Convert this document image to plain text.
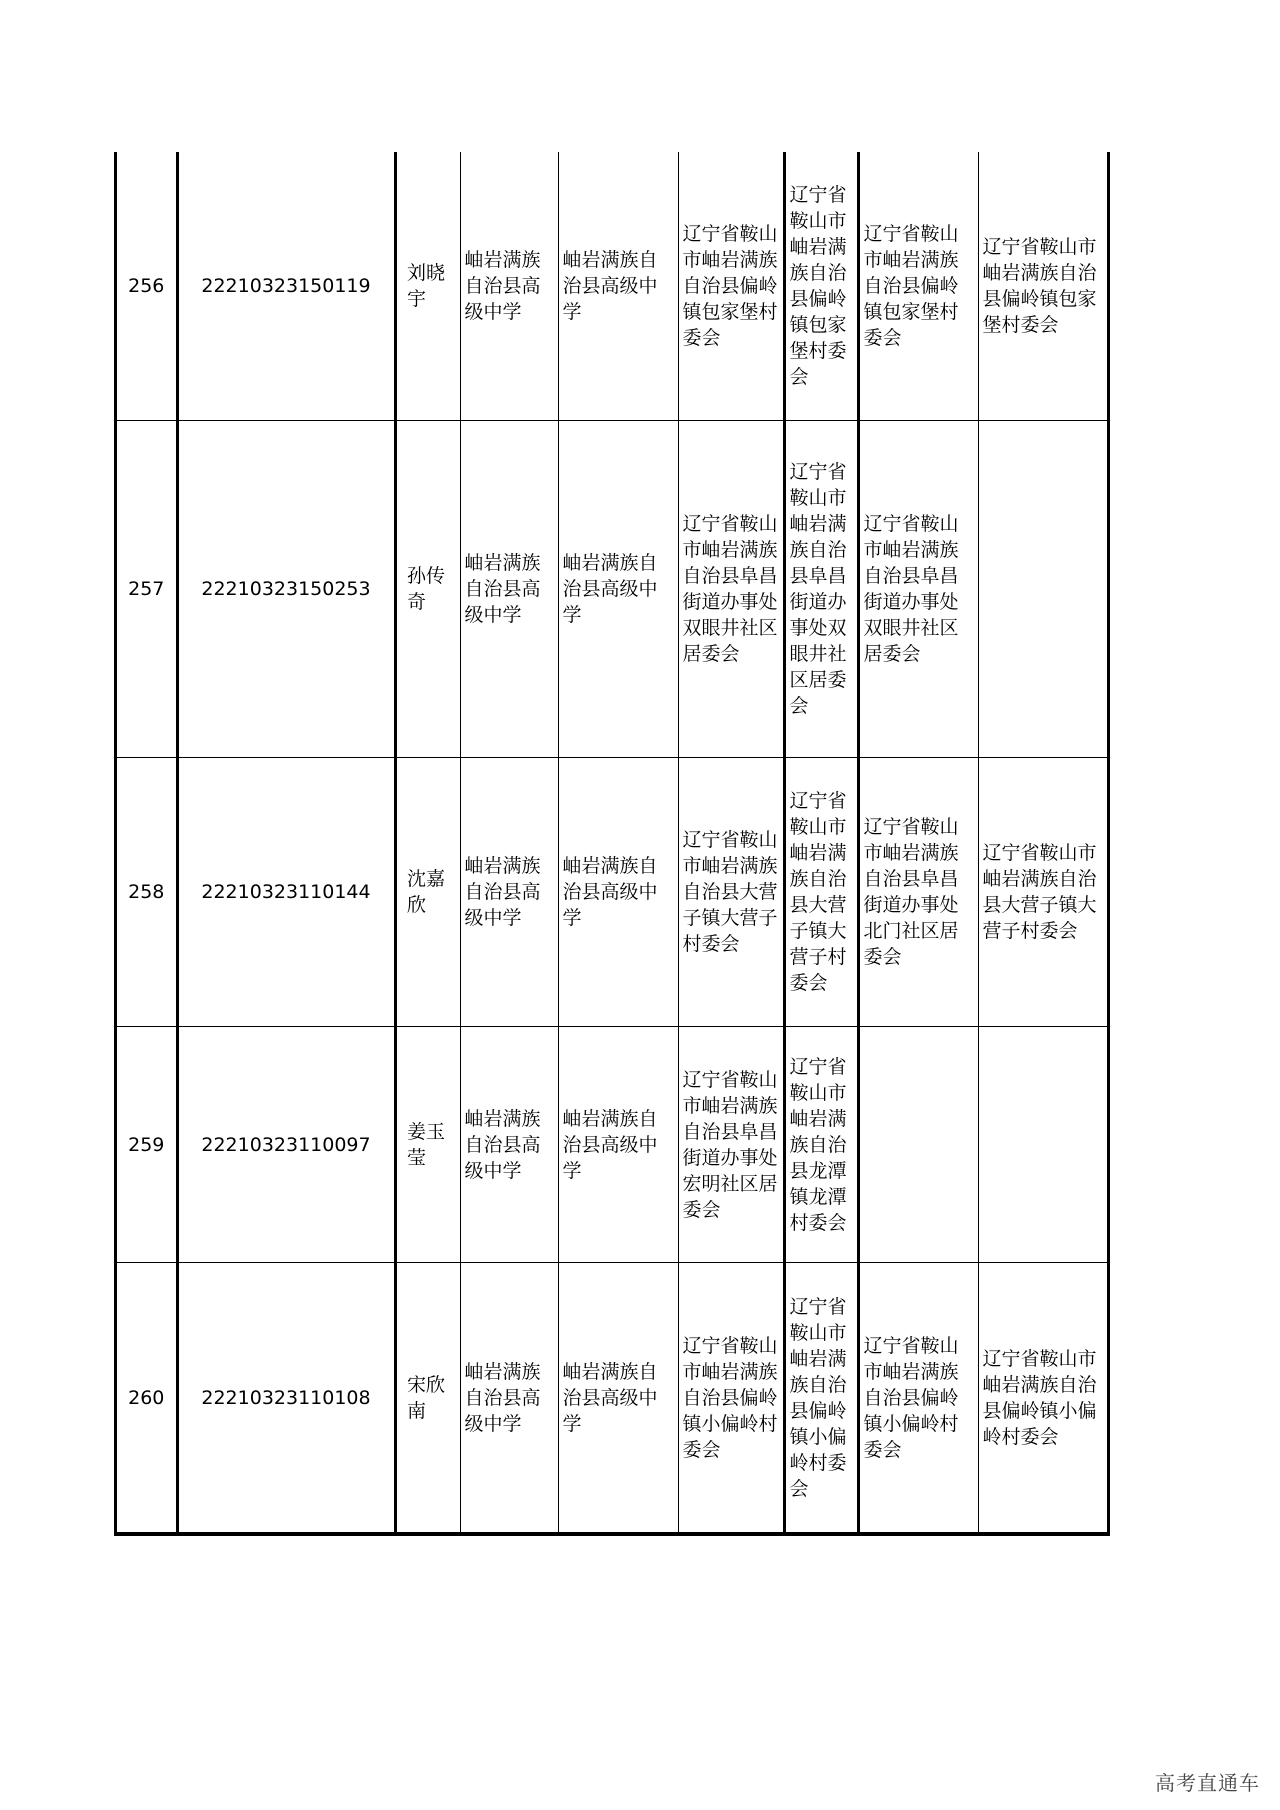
256	22210323150119	刘晓宇	岫岩满族自治县高级中学	岫岩满族自治县高级中学	辽宁省鞍山市岫岩满族自治县偏岭镇包家堡村委会	辽宁省鞍山市岫岩满族自治县偏岭镇包家堡村委会	辽宁省鞍山市岫岩满族自治县偏岭镇包家堡村委会	辽宁省鞍山市岫岩满族自治县偏岭镇包家堡村委会
257	22210323150253	孙传奇	岫岩满族自治县高级中学	岫岩满族自治县高级中学	辽宁省鞍山市岫岩满族自治县阜昌街道办事处双眼井社区居委会	辽宁省鞍山市岫岩满族自治县阜昌街道办事处双眼井社区居委会	辽宁省鞍山市岫岩满族自治县阜昌街道办事处双眼井社区居委会	
258	22210323110144	沈嘉欣	岫岩满族自治县高级中学	岫岩满族自治县高级中学	辽宁省鞍山市岫岩满族自治县大营子镇大营子村委会	辽宁省鞍山市岫岩满族自治县大营子镇大营子村委会	辽宁省鞍山市岫岩满族自治县阜昌街道办事处北门社区居委会	辽宁省鞍山市岫岩满族自治县大营子镇大营子村委会
259	22210323110097	姜玉莹	岫岩满族自治县高级中学	岫岩满族自治县高级中学	辽宁省鞍山市岫岩满族自治县阜昌街道办事处宏明社区居委会	辽宁省鞍山市岫岩满族自治县龙潭镇龙潭村委会		
260	22210323110108	宋欣南	岫岩满族自治县高级中学	岫岩满族自治县高级中学	辽宁省鞍山市岫岩满族自治县偏岭镇小偏岭村委会	辽宁省鞍山市岫岩满族自治县偏岭镇小偏岭村委会	辽宁省鞍山市岫岩满族自治县偏岭镇小偏岭村委会	辽宁省鞍山市岫岩满族自治县偏岭镇小偏岭村委会
高考直通车
